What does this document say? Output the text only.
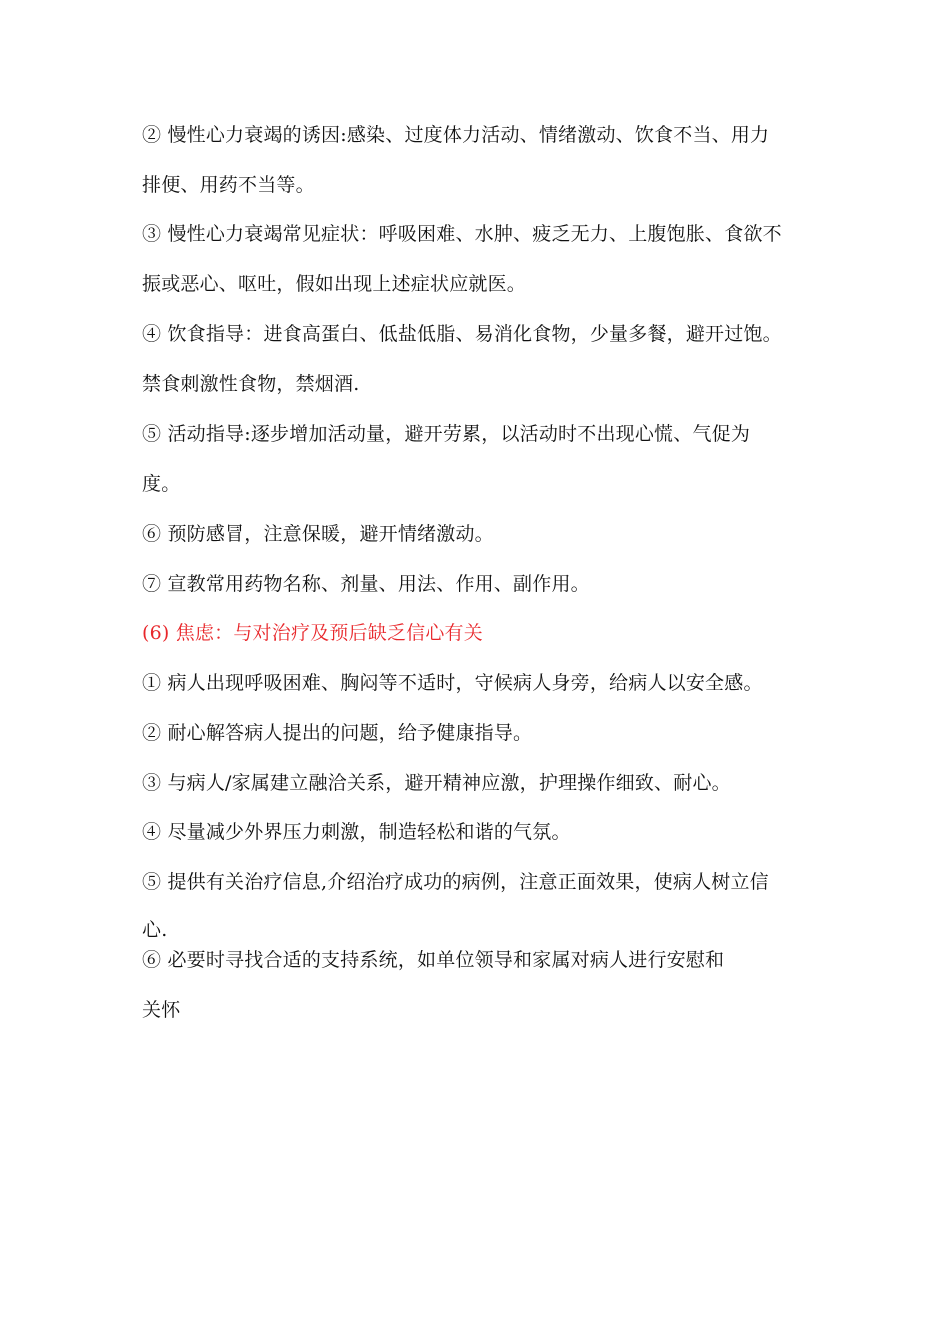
② 慢性心力衰竭的诱因:感染、过度体力活动、情绪激动、饮食不当、用力
排便、用药不当等。
③ 慢性心力衰竭常见症状：呼吸困难、水肿、疲乏无力、上腹饱胀、食欲不
振或恶心、呕吐，假如出现上述症状应就医。
④ 饮食指导：进食高蛋白、低盐低脂、易消化食物，少量多餐，避开过饱。
禁食刺激性食物，禁烟酒.
⑤ 活动指导:逐步增加活动量，避开劳累，以活动时不出现心慌、气促为
度。
⑥ 预防感冒，注意保暖，避开情绪激动。
⑦ 宣教常用药物名称、剂量、用法、作用、副作用。
(6) 焦虑：与对治疗及预后缺乏信心有关
① 病人出现呼吸困难、胸闷等不适时，守候病人身旁，给病人以安全感。
② 耐心解答病人提出的问题，给予健康指导。
③ 与病人/家属建立融洽关系，避开精神应激，护理操作细致、耐心。
④ 尽量减少外界压力刺激，制造轻松和谐的气氛。
⑤ 提供有关治疗信息,介绍治疗成功的病例，注意正面效果，使病人树立信
心.
⑥ 必要时寻找合适的支持系统，如单位领导和家属对病人进行安慰和
关怀
